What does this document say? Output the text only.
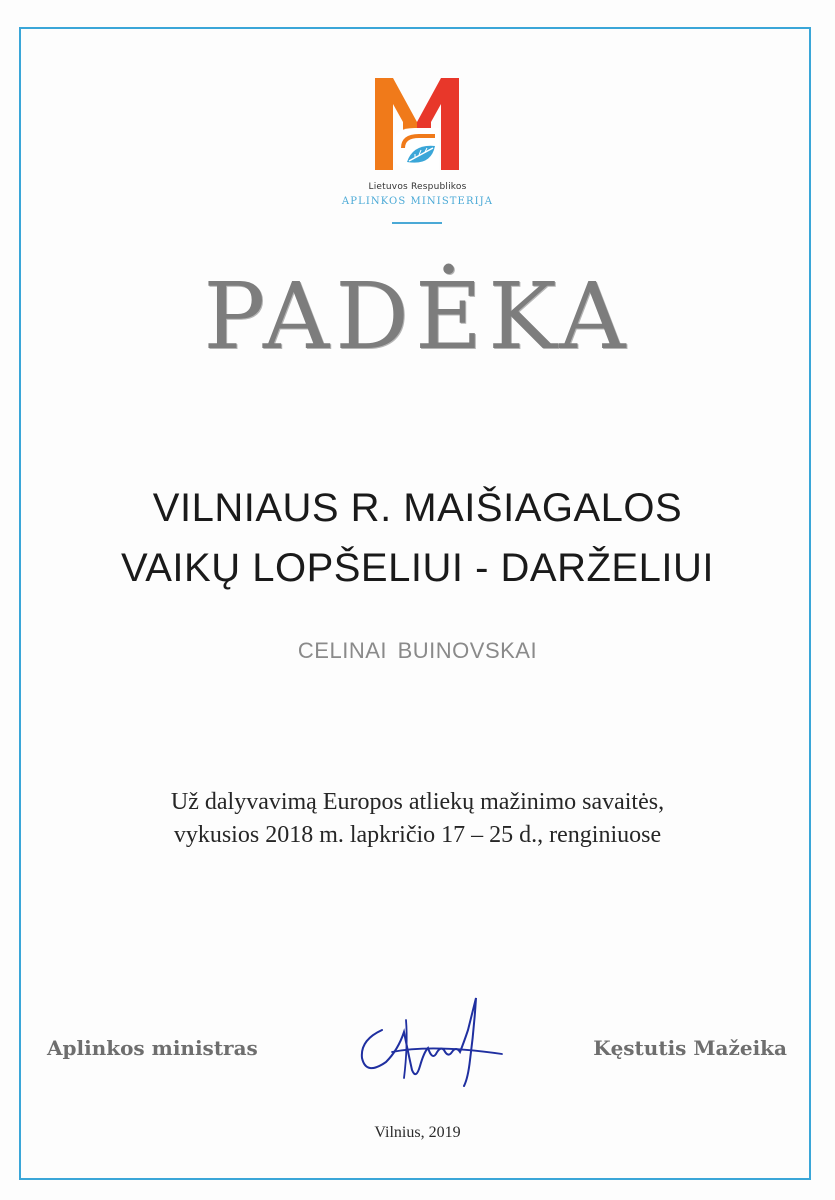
Lietuvos Respublikos
APLINKOS MINISTERIJA
PADĖKA
VILNIAUS R. MAIŠIAGALOS
VAIKŲ LOPŠELIUI - DARŽELIUI
CELINAI BUINOVSKAI
Už dalyvavimą Europos atliekų mažinimo savaitės,
vykusios 2018 m. lapkričio 17 – 25 d., renginiuose
Aplinkos ministras	Kęstutis Mažeika
Vilnius, 2019
